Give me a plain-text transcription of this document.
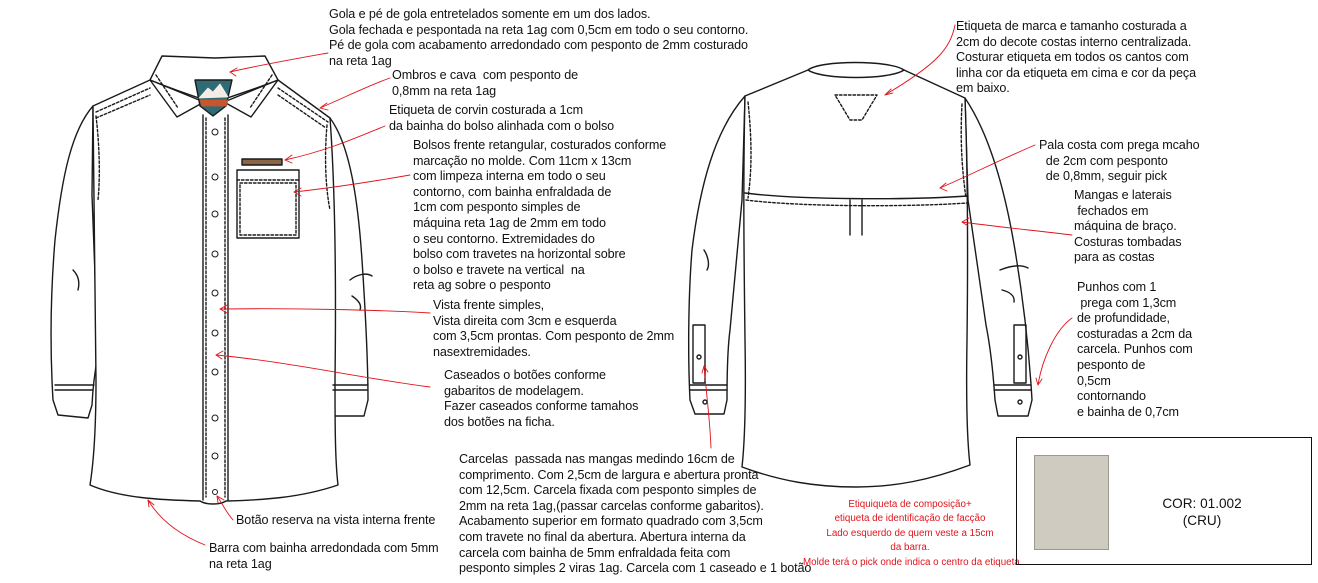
Gola e pé de gola entretelados somente em um dos lados.
Gola fechada e pespontada na reta 1ag com 0,5cm em todo o seu contorno.
Pé de gola com acabamento arredondado com pesponto de 2mm costurado
na reta 1ag
Ombros e cava  com pesponto de
0,8mm na reta 1ag
Etiqueta de corvin costurada a 1cm
da bainha do bolso alinhada com o bolso
Bolsos frente retangular, costurados conforme
marcação no molde. Com 11cm x 13cm
com limpeza interna em todo o seu
contorno, com bainha enfraldada de
1cm com pesponto simples de
máquina reta 1ag de 2mm em todo
o seu contorno. Extremidades do
bolso com travetes na horizontal sobre
o bolso e travete na vertical  na
reta ag sobre o pesponto
Vista frente simples,
Vista direita com 3cm e esquerda
com 3,5cm prontas. Com pesponto de 2mm
nasextremidades.
Caseados o botões conforme
gabaritos de modelagem.
Fazer caseados conforme tamahos
dos botões na ficha.
Botão reserva na vista interna frente
Barra com bainha arredondada com 5mm
na reta 1ag
Carcelas  passada nas mangas medindo 16cm de
comprimento. Com 2,5cm de largura e abertura pronta
com 12,5cm. Carcela fixada com pesponto simples de
2mm na reta 1ag,(passar carcelas conforme gabaritos).
Acabamento superior em formato quadrado com 3,5cm
com travete no final da abertura. Abertura interna da
carcela com bainha de 5mm enfraldada feita com
pesponto simples 2 viras 1ag. Carcela com 1 caseado e 1 botão
Etiqueta de marca e tamanho costurada a
2cm do decote costas interno centralizada.
Costurar etiqueta em todos os cantos com
linha cor da etiqueta em cima e cor da peça
em baixo.
Pala costa com prega mcaho
de 2cm com pesponto
de 0,8mm, seguir pick
Mangas e laterais
fechados em
máquina de braço.
Costuras tombadas
para as costas
Punhos com 1
prega com 1,3cm
de profundidade,
costuradas a 2cm da
carcela. Punhos com
pesponto de
0,5cm
contornando
e bainha de 0,7cm
Etiquiqueta de composição+
etiqueta de identificação de facção
Lado esquerdo de quem veste a 15cm
da barra.
Molde terá o pick onde indica o centro da etiqueta
COR: 01.002
(CRU)
